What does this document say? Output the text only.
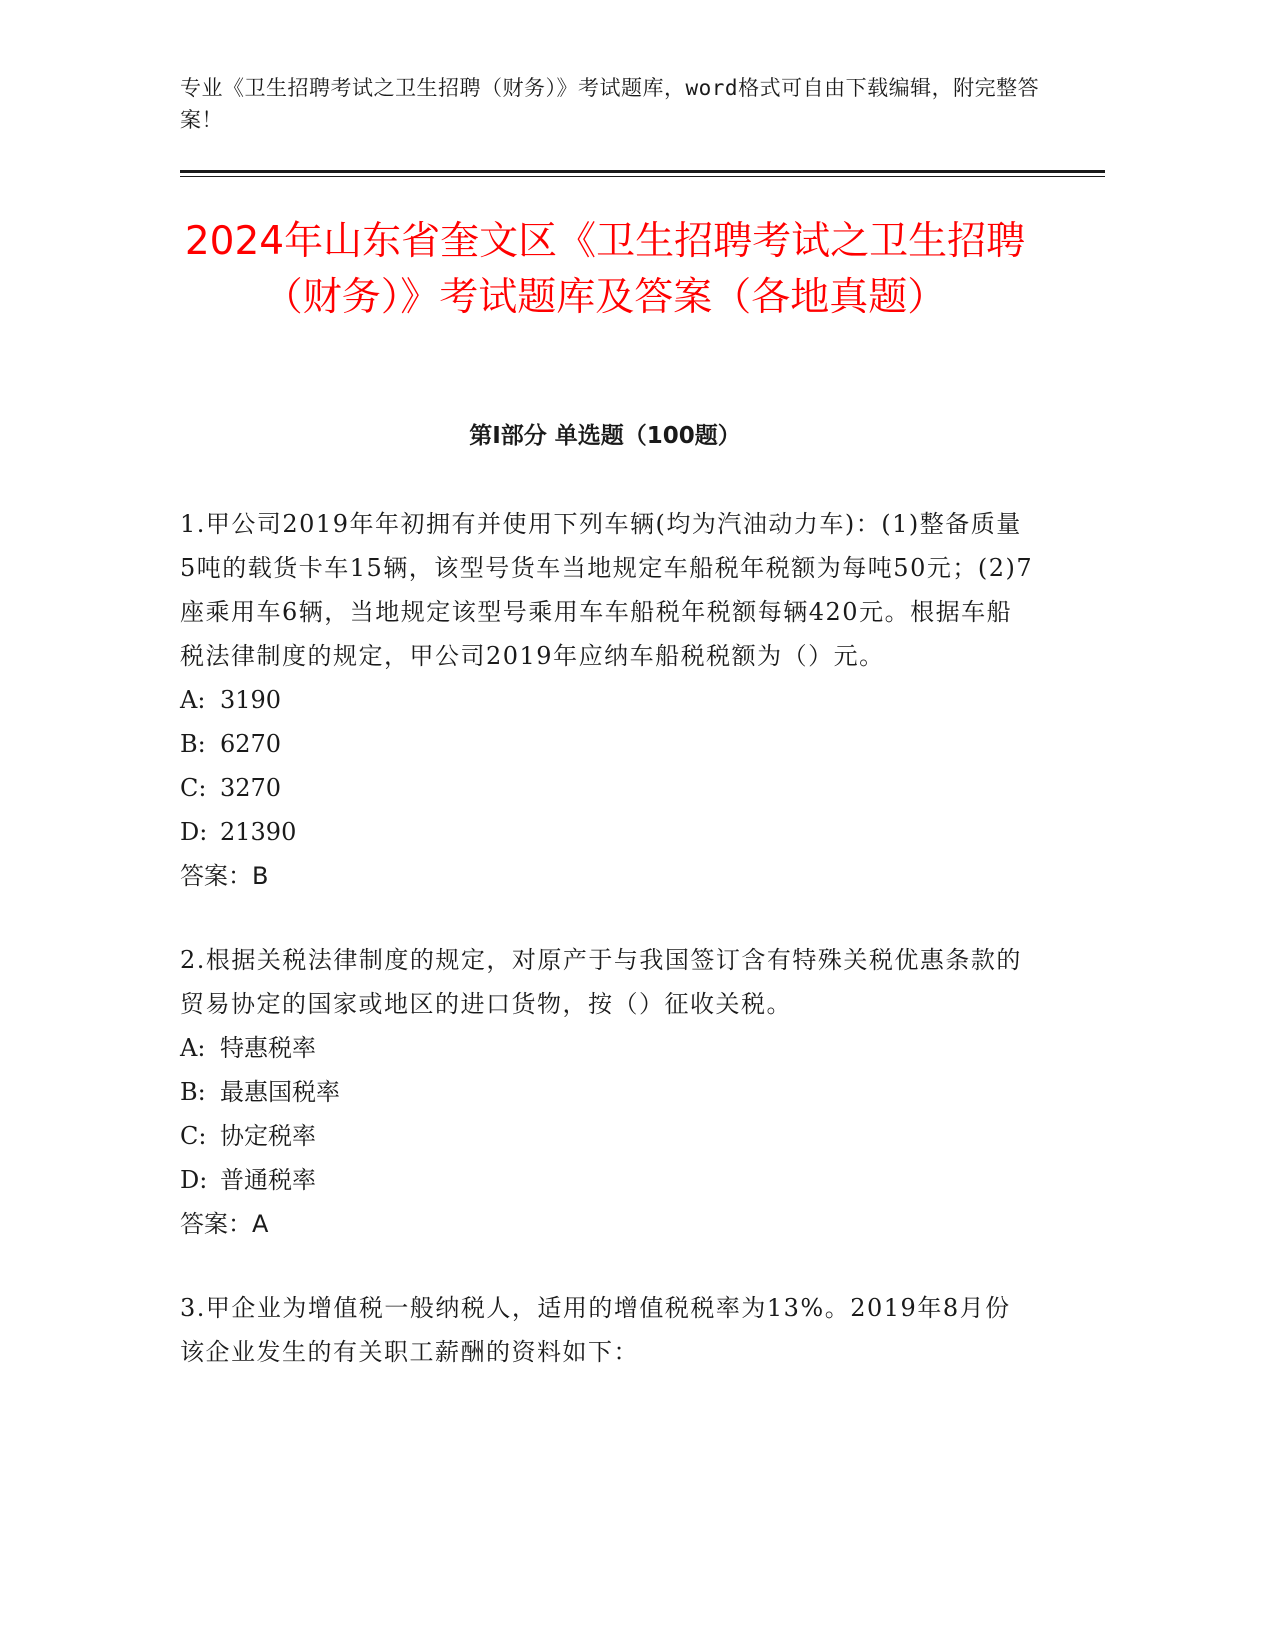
专业《卫生招聘考试之卫生招聘（财务）》考试题库，word格式可自由下载编辑，附完整答案！
2024年山东省奎文区《卫生招聘考试之卫生招聘（财务）》考试题库及答案（各地真题）
第I部分 单选题（100题）

1.甲公司2019年年初拥有并使用下列车辆(均为汽油动力车)：(1)整备质量5吨的载货卡车15辆，该型号货车当地规定车船税年税额为每吨50元；(2)7座乘用车6辆，当地规定该型号乘用车车船税年税额每辆420元。根据车船税法律制度的规定，甲公司2019年应纳车船税税额为（）元。

A: 3190

B: 6270

C: 3270

D: 21390

答案：B

2.根据关税法律制度的规定，对原产于与我国签订含有特殊关税优惠条款的贸易协定的国家或地区的进口货物，按（）征收关税。

A: 特惠税率

B: 最惠国税率

C: 协定税率

D: 普通税率

答案：A

3.甲企业为增值税一般纳税人，适用的增值税税率为13%。2019年8月份该企业发生的有关职工薪酬的资料如下：
